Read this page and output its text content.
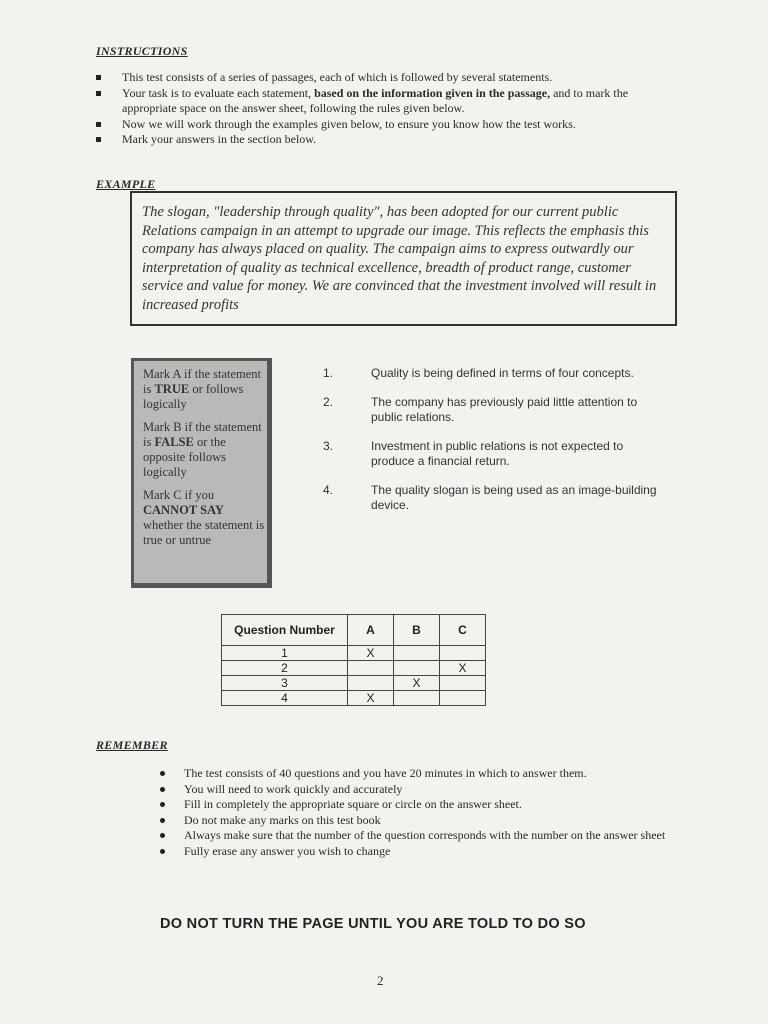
INSTRUCTIONS
This test consists of a series of passages, each of which is followed by several statements.
Your task is to evaluate each statement, based on the information given in the passage, and to mark the appropriate space on the answer sheet, following the rules given below.
Now we will work through the examples given below, to ensure you know how the test works.
Mark your answers in the section below.
EXAMPLE
The slogan, "leadership through quality", has been adopted for our current public Relations campaign in an attempt to upgrade our image. This reflects the emphasis this company has always placed on quality. The campaign aims to express outwardly our interpretation of quality as technical excellence, breadth of product range, customer service and value for money. We are convinced that the investment involved will result in increased profits

Mark A if the statement is TRUE or follows logically

Mark B if the statement is FALSE or the opposite follows logically

Mark C if you CANNOT SAY whether the statement is true or untrue

1.	Quality is being defined in terms of four concepts.
2.	The company has previously paid little attention to public relations.
3.	Investment in public relations is not expected to produce a financial return.
4.	The quality slogan is being used as an image-building device.
Question Number	A	B	C
1	X		
2			X
3		X	
4	X		
REMEMBER
The test consists of 40 questions and you have 20 minutes in which to answer them.
You will need to work quickly and accurately
Fill in completely the appropriate square or circle on the answer sheet.
Do not make any marks on this test book
Always make sure that the number of the question corresponds with the number on the answer sheet
Fully erase any answer you wish to change
DO NOT TURN THE PAGE UNTIL YOU ARE TOLD TO DO SO
2
